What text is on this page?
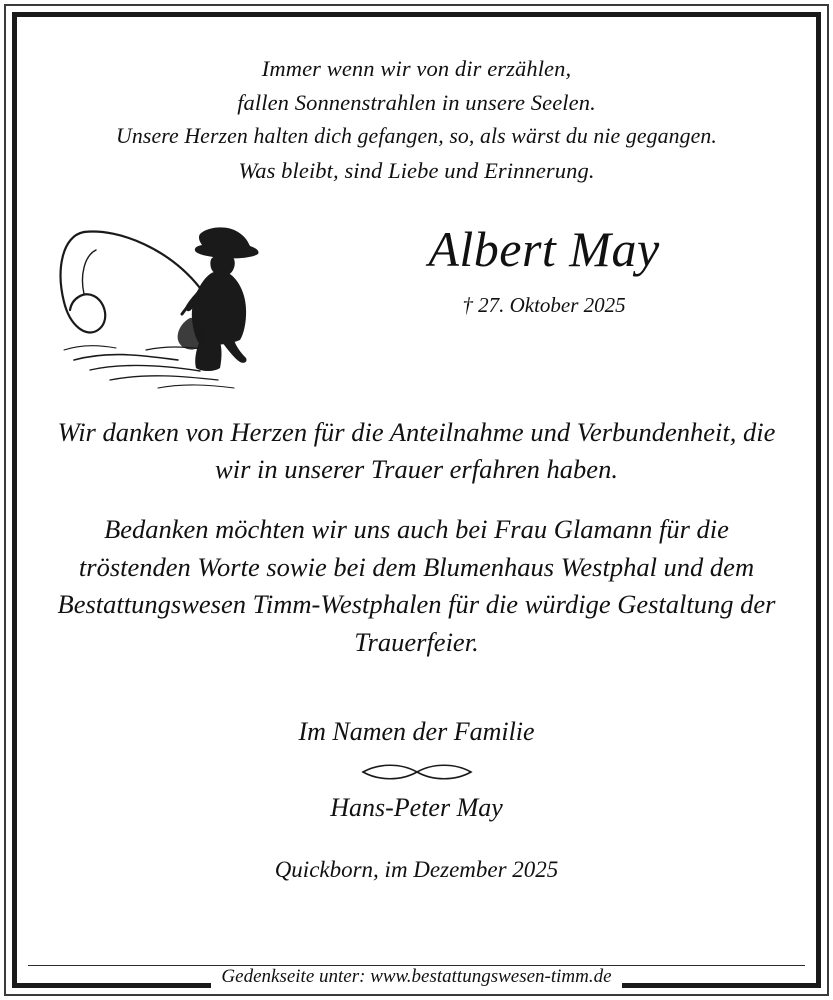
Immer wenn wir von dir erzählen,
fallen Sonnenstrahlen in unsere Seelen.
Unsere Herzen halten dich gefangen, so, als wärst du nie gegangen.
Was bleibt, sind Liebe und Erinnerung.
Albert May
† 27. Oktober 2025

Wir danken von Herzen für die Anteilnahme und Verbundenheit, die wir in unserer Trauer erfahren haben.

Bedanken möchten wir uns auch bei Frau Glamann für die tröstenden Worte sowie bei dem Blumenhaus Westphal und dem Bestattungswesen Timm-Westphalen für die würdige Gestaltung der Trauerfeier.

Im Namen der Familie
Hans-Peter May
Quickborn, im Dezember 2025
Gedenkseite unter: www.bestattungswesen-timm.de
